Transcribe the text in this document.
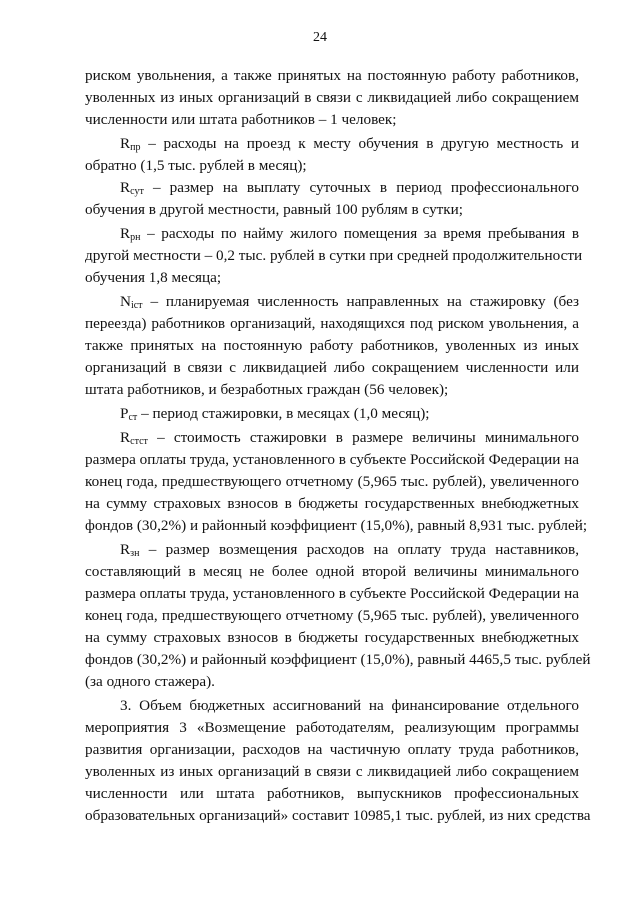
24
риском увольнения, а также принятых на постоянную работу работников,
уволенных из иных организаций в связи с ликвидацией либо сокращением
численности или штата работников – 1 человек;
$R_{пр}$ – расходы на проезд к месту обучения в другую местность и
обратно (1,5 тыс. рублей в месяц);
$R_{сут}$ – размер на выплату суточных в период профессионального
обучения в другой местности, равный 100 рублям в сутки;
$R_{рн}$ – расходы по найму жилого помещения за время пребывания в
другой местности – 0,2 тыс. рублей в сутки при средней продолжительности
обучения 1,8 месяца;
$N_{iст}$ – планируемая численность направленных на стажировку (без
переезда) работников организаций, находящихся под риском увольнения, а
также принятых на постоянную работу работников, уволенных из иных
организаций в связи с ликвидацией либо сокращением численности или
штата работников, и безработных граждан (56 человек);
$P_{ст}$ – период стажировки, в месяцах (1,0 месяц);
$R_{стст}$ – стоимость стажировки в размере величины минимального
размера оплаты труда, установленного в субъекте Российской Федерации на
конец года, предшествующего отчетному (5,965 тыс. рублей), увеличенного
на сумму страховых взносов в бюджеты государственных внебюджетных
фондов (30,2%) и районный коэффициент (15,0%), равный 8,931 тыс. рублей;
$R_{зн}$ – размер возмещения расходов на оплату труда наставников,
составляющий в месяц не более одной второй величины минимального
размера оплаты труда, установленного в субъекте Российской Федерации на
конец года, предшествующего отчетному (5,965 тыс. рублей), увеличенного
на сумму страховых взносов в бюджеты государственных внебюджетных
фондов (30,2%) и районный коэффициент (15,0%), равный 4465,5 тыс. рублей
(за одного стажера).
3. Объем бюджетных ассигнований на финансирование отдельного
мероприятия 3 «Возмещение работодателям, реализующим программы
развития организации, расходов на частичную оплату труда работников,
уволенных из иных организаций в связи с ликвидацией либо сокращением
численности или штата работников, выпускников профессиональных
образовательных организаций» составит 10985,1 тыс. рублей, из них средства
